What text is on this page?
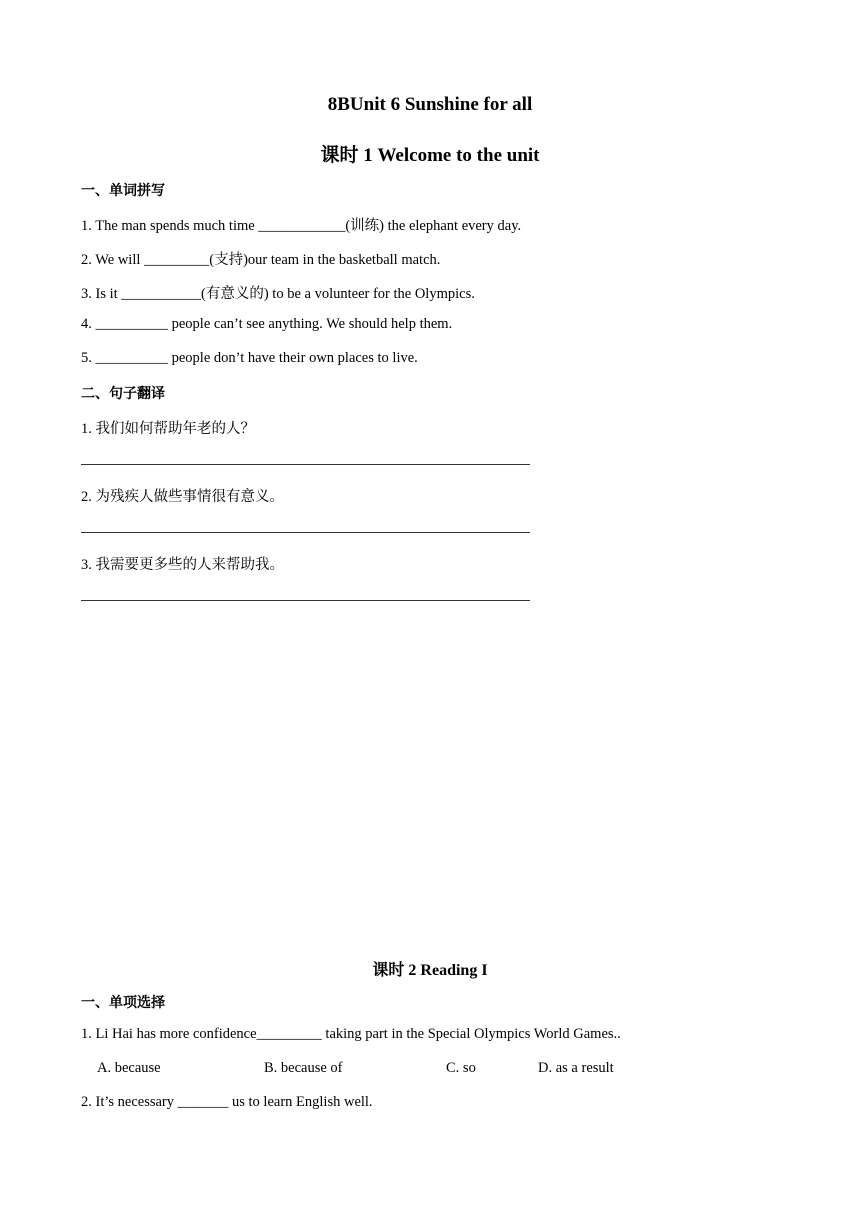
8BUnit 6 Sunshine for all
课时 1 Welcome to the unit
一、单词拼写
1. The man spends much time ____________(训练) the elephant every day.
2. We will _________(支持)our team in the basketball match.
3. Is it ___________(有意义的) to be a volunteer for the Olympics.
4. __________ people can’t see anything. We should help them.
5. __________ people don’t have their own places to live.
二、句子翻译
1. 我们如何帮助年老的人？
2. 为残疾人做些事情很有意义。
3. 我需要更多些的人来帮助我。
课时 2 Reading I
一、单项选择
1. Li Hai has more confidence_________ taking part in the Special Olympics World Games..
A. because	B. because of	C. so	D. as a result
2. It’s necessary _______ us to learn English well.
